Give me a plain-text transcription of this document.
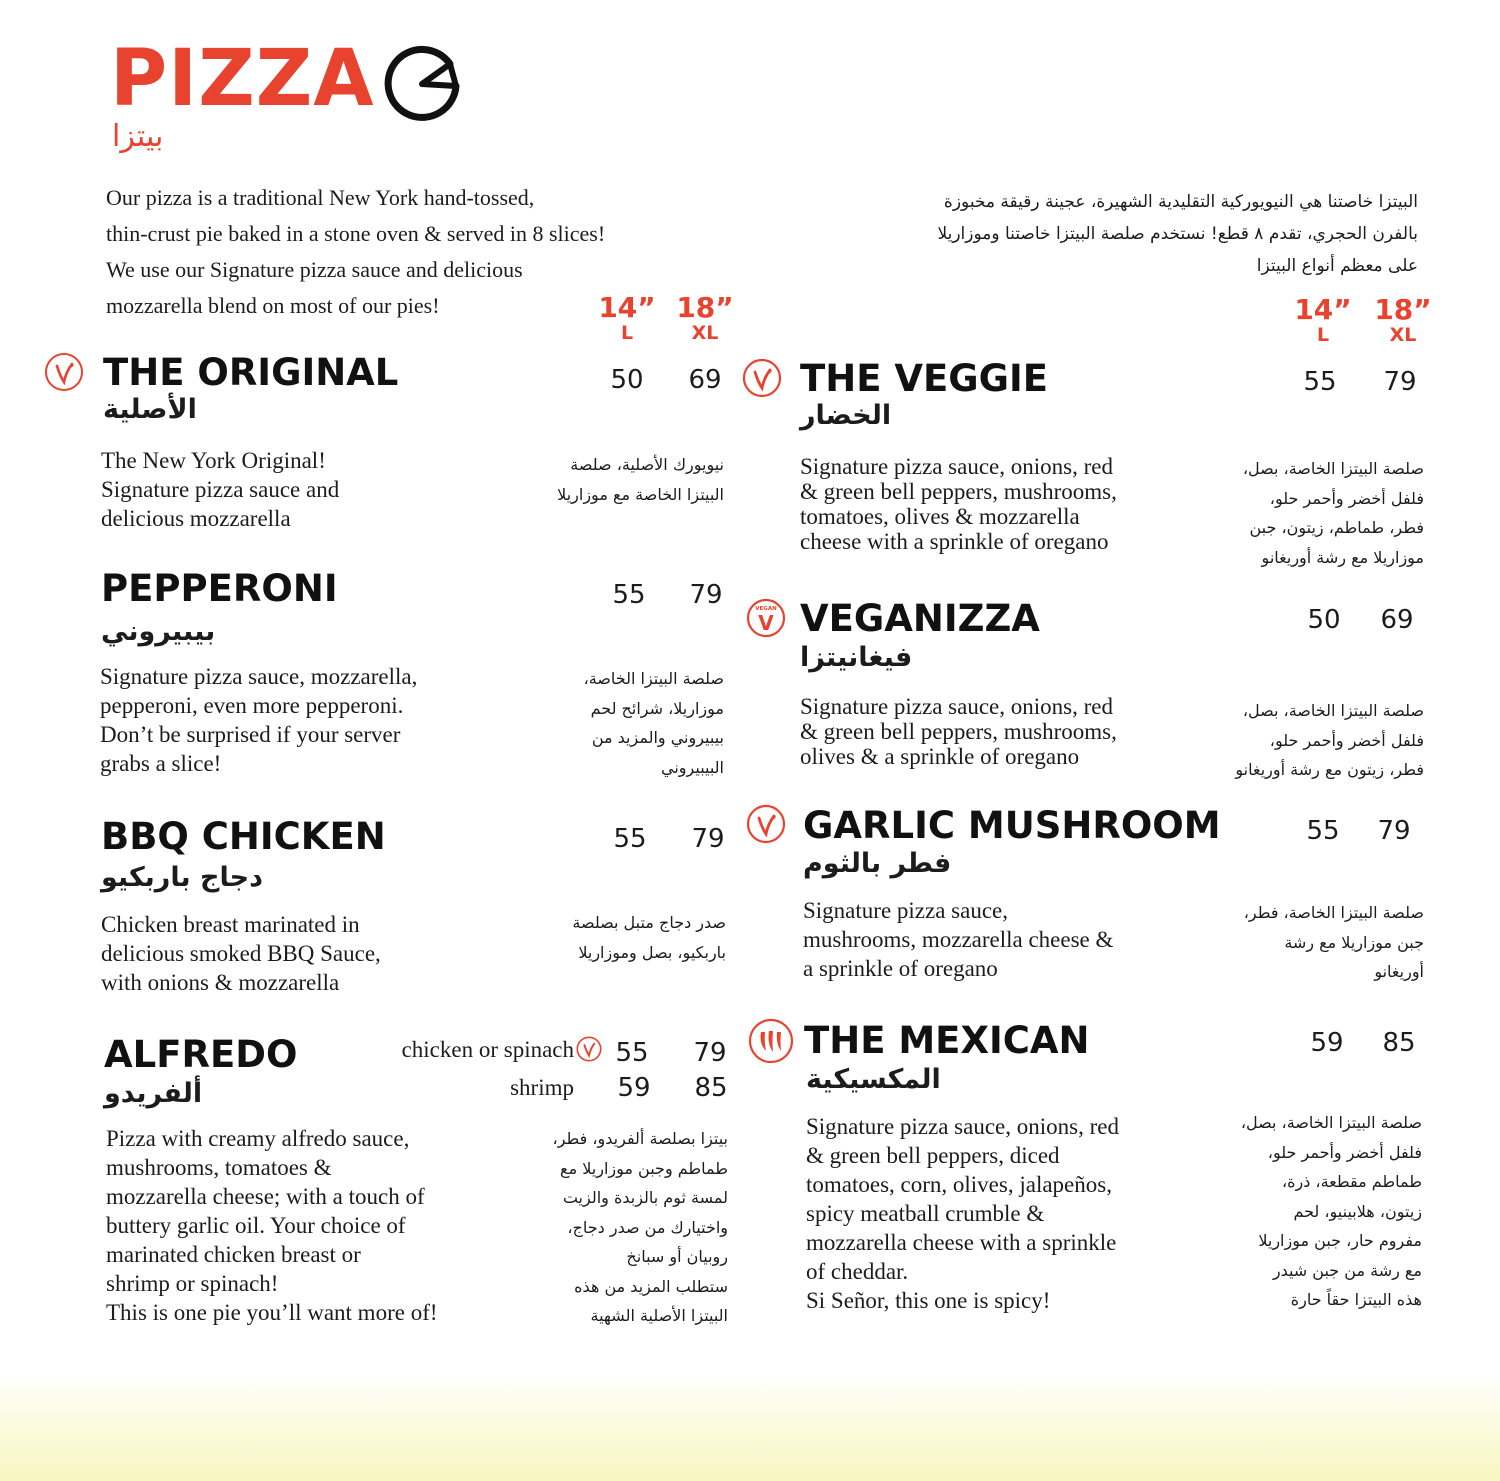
PIZZA
بيتزا
Our pizza is a traditional New York hand-tossed,
thin-crust pie baked in a stone oven & served in 8 slices!
We use our Signature pizza sauce and delicious
mozzarella blend on most of our pies!
البيتزا خاصتنا هي النيويوركية التقليدية الشهيرة، عجينة رقيقة مخبوزة
بالفرن الحجري، تقدم ٨ قطع! نستخدم صلصة البيتزا خاصتنا وموزاريلا
على معظم أنواع البيتزا
14”
L
18”
XL
14”
L
18”
XL
THE ORIGINAL
الأصلية
50	69
The New York Original!
Signature pizza sauce and
delicious mozzarella
نيويورك الأصلية، صلصة
البيتزا الخاصة مع موزاريلا
PEPPERONI
بيبيروني
55	79
Signature pizza sauce, mozzarella,
pepperoni, even more pepperoni.
Don’t be surprised if your server
grabs a slice!
صلصة البيتزا الخاصة،
موزاريلا، شرائح لحم
بيبيروني والمزيد من
البيبيروني
BBQ CHICKEN
دجاج باربكيو
55	79
Chicken breast marinated in
delicious smoked BBQ Sauce,
with onions & mozzarella
صدر دجاج متبل بصلصة
باربكيو، بصل وموزاريلا
ALFREDO
ألفريدو
chicken or spinach	55	79
shrimp	59	85
Pizza with creamy alfredo sauce,
mushrooms, tomatoes &
mozzarella cheese; with a touch of
buttery garlic oil. Your choice of
marinated chicken breast or
shrimp or spinach!
This is one pie you’ll want more of!
بيتزا بصلصة ألفريدو، فطر،
طماطم وجبن موزاريلا مع
لمسة ثوم بالزبدة والزيت
واختيارك من صدر دجاج،
روبيان أو سبانخ
ستطلب المزيد من هذه
البيتزا الأصلية الشهية
THE VEGGIE
الخضار
55	79
Signature pizza sauce, onions, red
& green bell peppers, mushrooms,
tomatoes, olives & mozzarella
cheese with a sprinkle of oregano
صلصة البيتزا الخاصة، بصل،
فلفل أخضر وأحمر حلو،
فطر، طماطم، زيتون، جبن
موزاريلا مع رشة أوريغانو
VEGAN
V VEGANIZZA
فيغانيتزا
50	69
Signature pizza sauce, onions, red
& green bell peppers, mushrooms,
olives & a sprinkle of oregano
صلصة البيتزا الخاصة، بصل،
فلفل أخضر وأحمر حلو،
فطر، زيتون مع رشة أوريغانو
GARLIC MUSHROOM
فطر بالثوم
55	79
Signature pizza sauce,
mushrooms, mozzarella cheese &
a sprinkle of oregano
صلصة البيتزا الخاصة، فطر،
جبن موزاريلا مع رشة
أوريغانو
THE MEXICAN
المكسيكية
59	85
Signature pizza sauce, onions, red
& green bell peppers, diced
tomatoes, corn, olives, jalapeños,
spicy meatball crumble &
mozzarella cheese with a sprinkle
of cheddar.
Si Señor, this one is spicy!
صلصة البيتزا الخاصة، بصل،
فلفل أخضر وأحمر حلو،
طماطم مقطعة، ذرة،
زيتون، هلابينيو، لحم
مفروم حار، جبن موزاريلا
مع رشة من جبن شيدر
هذه البيتزا حقاً حارة
